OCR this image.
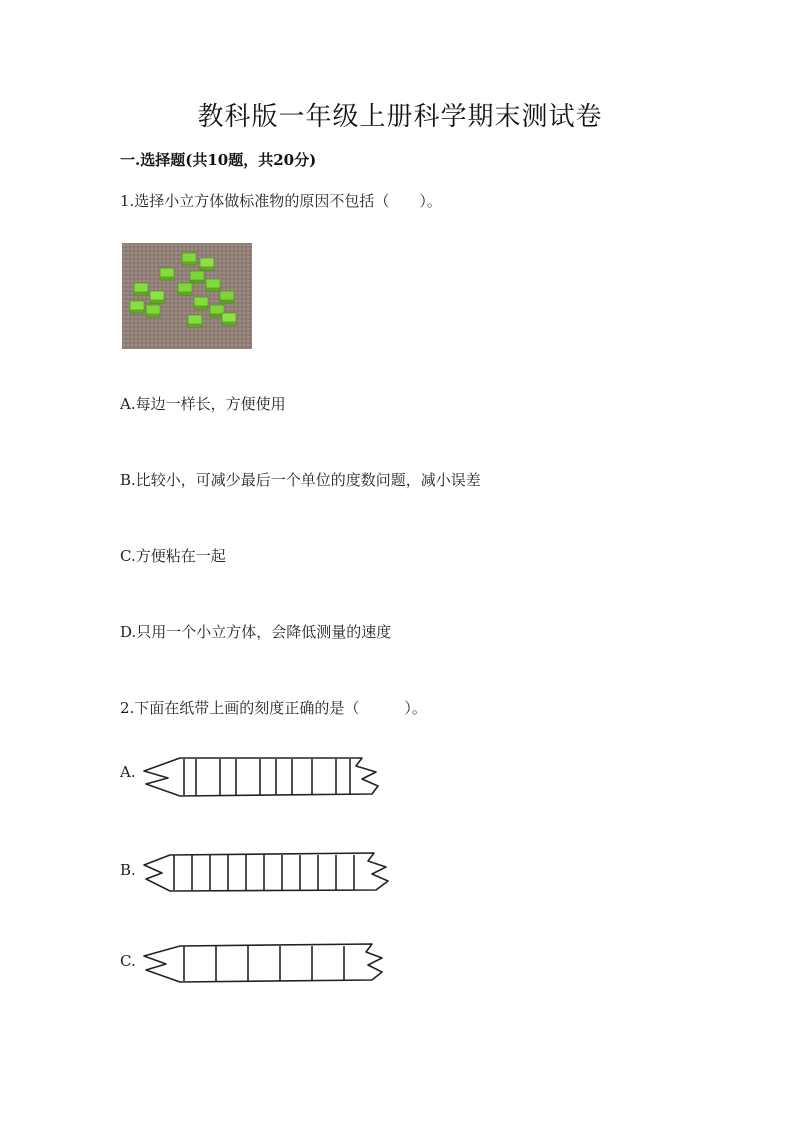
教科版一年级上册科学期末测试卷
一.选择题(共10题，共20分)
1.选择小立方体做标准物的原因不包括（　　）。
A.每边一样长，方便使用
B.比较小，可减少最后一个单位的度数问题，减小误差
C.方便粘在一起
D.只用一个小立方体，会降低测量的速度
2.下面在纸带上画的刻度正确的是（　　　）。
A.
B.
C.
